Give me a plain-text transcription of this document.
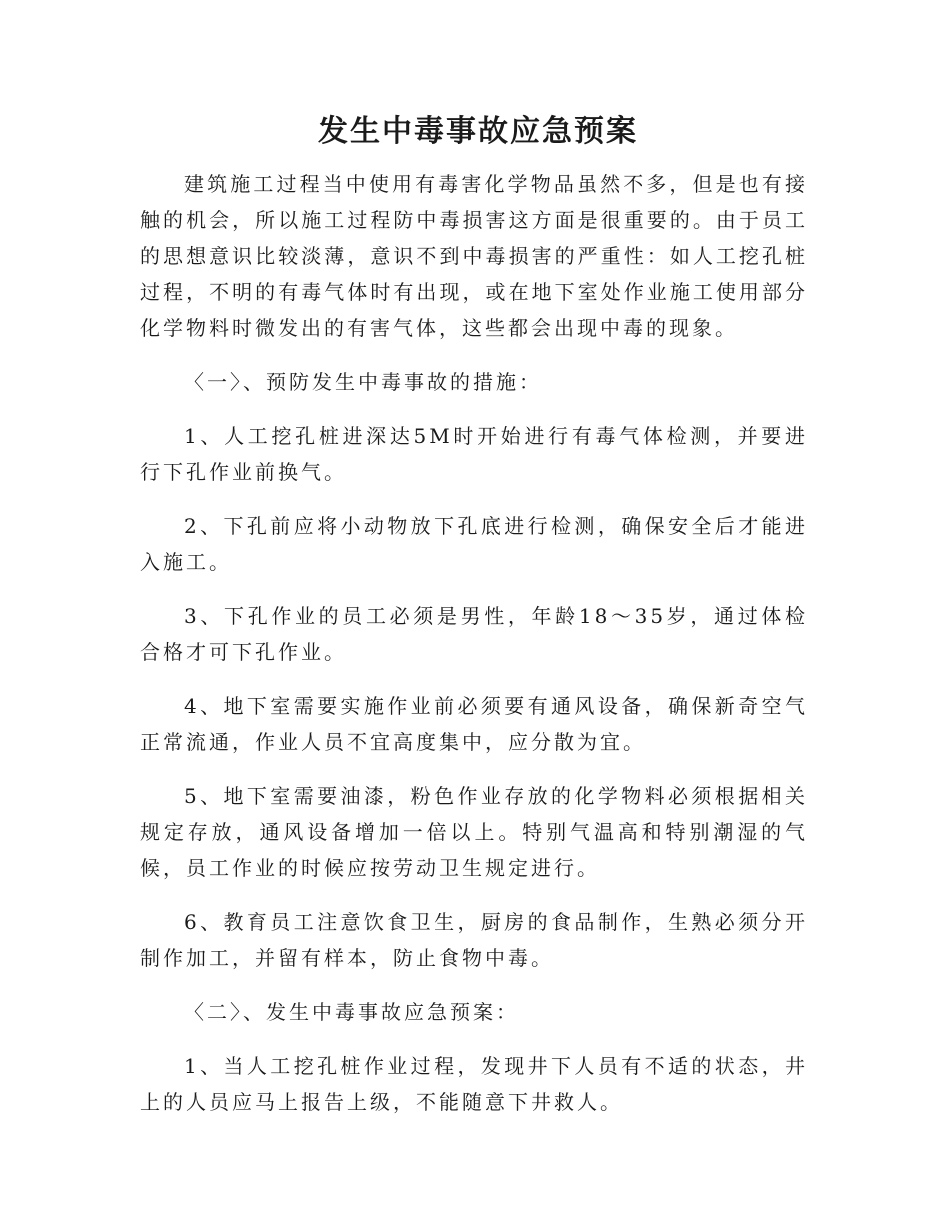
发生中毒事故应急预案

建筑施工过程当中使用有毒害化学物品虽然不多，但是也有接触的机会，所以施工过程防中毒损害这方面是很重要的。由于员工的思想意识比较淡薄，意识不到中毒损害的严重性：如人工挖孔桩过程，不明的有毒气体时有出现，或在地下室处作业施工使用部分化学物料时微发出的有害气体，这些都会出现中毒的现象。

〈一〉、预防发生中毒事故的措施：

1、人工挖孔桩进深达5M时开始进行有毒气体检测，并要进行下孔作业前换气。

2、下孔前应将小动物放下孔底进行检测，确保安全后才能进入施工。

3、下孔作业的员工必须是男性，年龄18～35岁，通过体检合格才可下孔作业。

4、地下室需要实施作业前必须要有通风设备，确保新奇空气正常流通，作业人员不宜高度集中，应分散为宜。

5、地下室需要油漆，粉色作业存放的化学物料必须根据相关规定存放，通风设备增加一倍以上。特别气温高和特别潮湿的气候，员工作业的时候应按劳动卫生规定进行。

6、教育员工注意饮食卫生，厨房的食品制作，生熟必须分开制作加工，并留有样本，防止食物中毒。

〈二〉、发生中毒事故应急预案：

1、当人工挖孔桩作业过程，发现井下人员有不适的状态，井上的人员应马上报告上级，不能随意下井救人。
